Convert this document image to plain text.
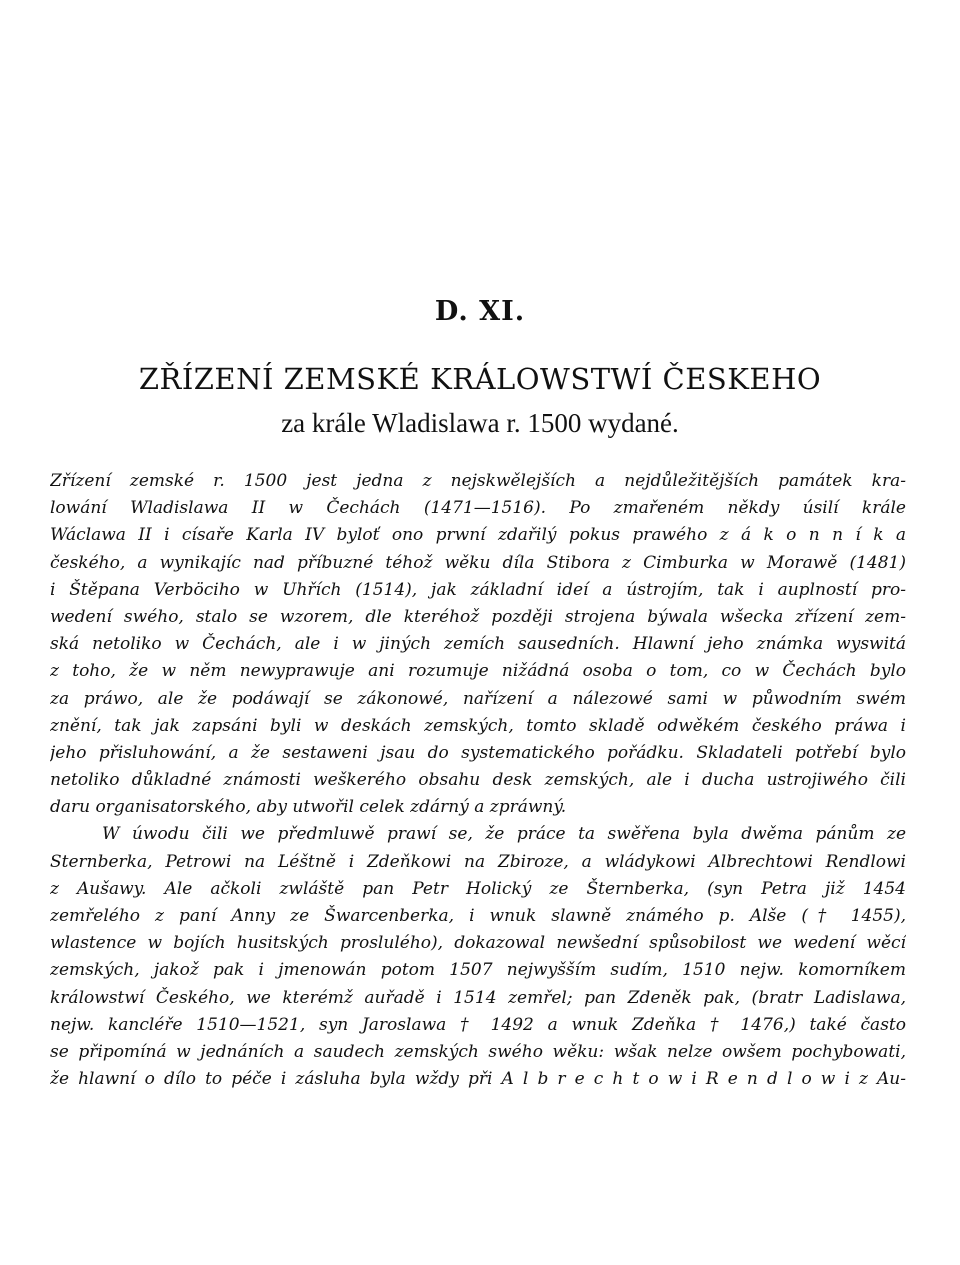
D. XI.
ZŘÍZENÍ ZEMSKÉ KRÁLOWSTWÍ ČESKEHO
za krále Wladislawa r. 1500 wydané.
Zřízení zemské r. 1500 jest jedna z nejskwělejších a nejdůležitějších památek kra-
lowání Wladislawa II w Čechách (1471—1516). Po zmařeném někdy úsilí krále
Wáclawa II i císaře Karla IV byloť ono prwní zdařilý pokus prawého z á k o n n í k a
českého, a wynikajíc nad příbuzné téhož wěku díla Stibora z Cimburka w Morawě (1481)
i Štěpana Verböciho w Uhřích (1514), jak základní ideí a ústrojím, tak i auplností pro-
wedení swého, stalo se wzorem, dle kteréhož později strojena býwala wšecka zřízení zem-
ská netoliko w Čechách, ale i w jiných zemích sausedních. Hlawní jeho známka wyswitá
z toho, že w něm newyprawuje ani rozumuje nižádná osoba o tom, co w Čechách bylo
za práwo, ale že podáwají se zákonowé, nařízení a nálezowé sami w půwodním swém
znění, tak jak zapsáni byli w deskách zemských, tomto skladě odwěkém českého práwa i
jeho přisluhowání, a že sestaweni jsau do systematického pořádku. Skladateli potřebí bylo
netoliko důkladné známosti weškerého obsahu desk zemských, ale i ducha ustrojiwého čili
daru organisatorského, aby utwořil celek zdárný a zpráwný.
W úwodu čili we předmluwě prawí se, že práce ta swěřena byla dwěma pánům ze
Sternberka, Petrowi na Léštně i Zdeňkowi na Zbiroze, a wládykowi Albrechtowi Rendlowi
z Aušawy. Ale ačkoli zwláště pan Petr Holický ze Šternberka, (syn Petra již 1454
zemřelého z paní Anny ze Šwarcenberka, i wnuk slawně známého p. Alše († 1455),
wlastence w bojích husitských proslulého), dokazowal newšední spůsobilost we wedení wěcí
zemských, jakož pak i jmenowán potom 1507 nejwyšším sudím, 1510 nejw. komorníkem
králowstwí Českého, we kterémž auřadě i 1514 zemřel; pan Zdeněk pak, (bratr Ladislawa,
nejw. kancléře 1510—1521, syn Jaroslawa † 1492 a wnuk Zdeňka † 1476,) také často
se připomíná w jednáních a saudech zemských swého wěku: wšak nelze owšem pochybowati,
že hlawní o dílo to péče i zásluha byla wždy při A l b r e c h t o w i R e n d l o w i z Au-
